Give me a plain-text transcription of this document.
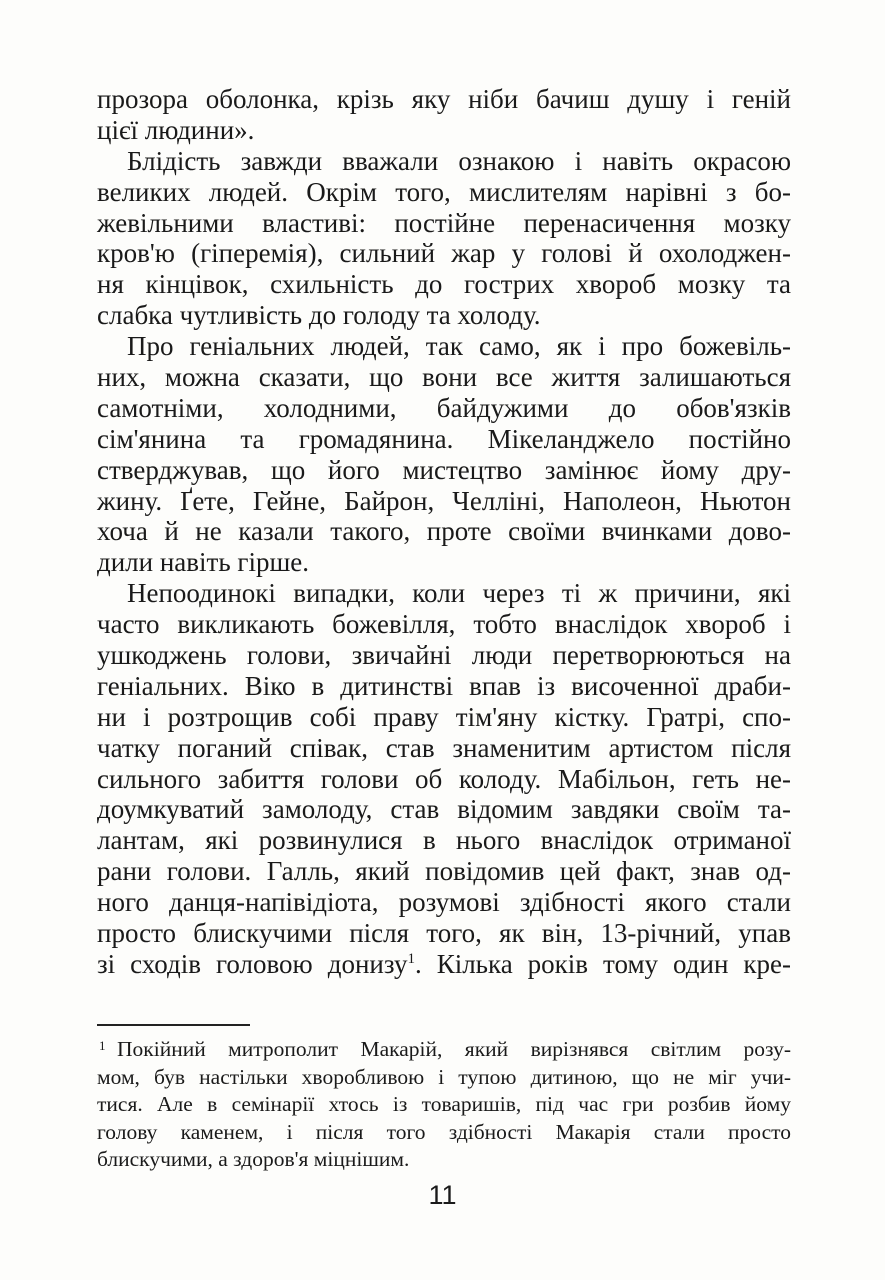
прозора оболонка, крізь яку ніби бачиш душу і геній
цієї людини».
Блідість завжди вважали ознакою і навіть окрасою
великих людей. Окрім того, мислителям нарівні з бо-
жевільними властиві: постійне перенасичення мозку
кров'ю (гіперемія), сильний жар у голові й охолоджен-
ня кінцівок, схильність до гострих хвороб мозку та
слабка чутливість до голоду та холоду.
Про геніальних людей, так само, як і про божевіль-
них, можна сказати, що вони все життя залишаються
самотніми, холодними, байдужими до обов'язків
сім'янина та громадянина. Мікеланджело постійно
стверджував, що його мистецтво замінює йому дру-
жину. Ґете, Гейне, Байрон, Челліні, Наполеон, Ньютон
хоча й не казали такого, проте своїми вчинками дово-
дили навіть гірше.
Непоодинокі випадки, коли через ті ж причини, які
часто викликають божевілля, тобто внаслідок хвороб і
ушкоджень голови, звичайні люди перетворюються на
геніальних. Віко в дитинстві впав із височенної драби-
ни і розтрощив собі праву тім'яну кістку. Гратрі, спо-
чатку поганий співак, став знаменитим артистом після
сильного забиття голови об колоду. Мабільон, геть не-
доумкуватий замолоду, став відомим завдяки своїм та-
лантам, які розвинулися в нього внаслідок отриманої
рани голови. Галль, який повідомив цей факт, знав од-
ного данця-напівідіота, розумові здібності якого стали
просто блискучими після того, як він, 13-річний, упав
зі сходів головою донизу$^1$. Кілька років тому один кре-
1 Покійний митрополит Макарій, який вирізнявся світлим розу-
мом, був настільки хворобливою і тупою дитиною, що не міг учи-
тися. Але в семінарії хтось із товаришів, під час гри розбив йому
голову каменем, і після того здібності Макарія стали просто
блискучими, а здоров'я міцнішим.
11
